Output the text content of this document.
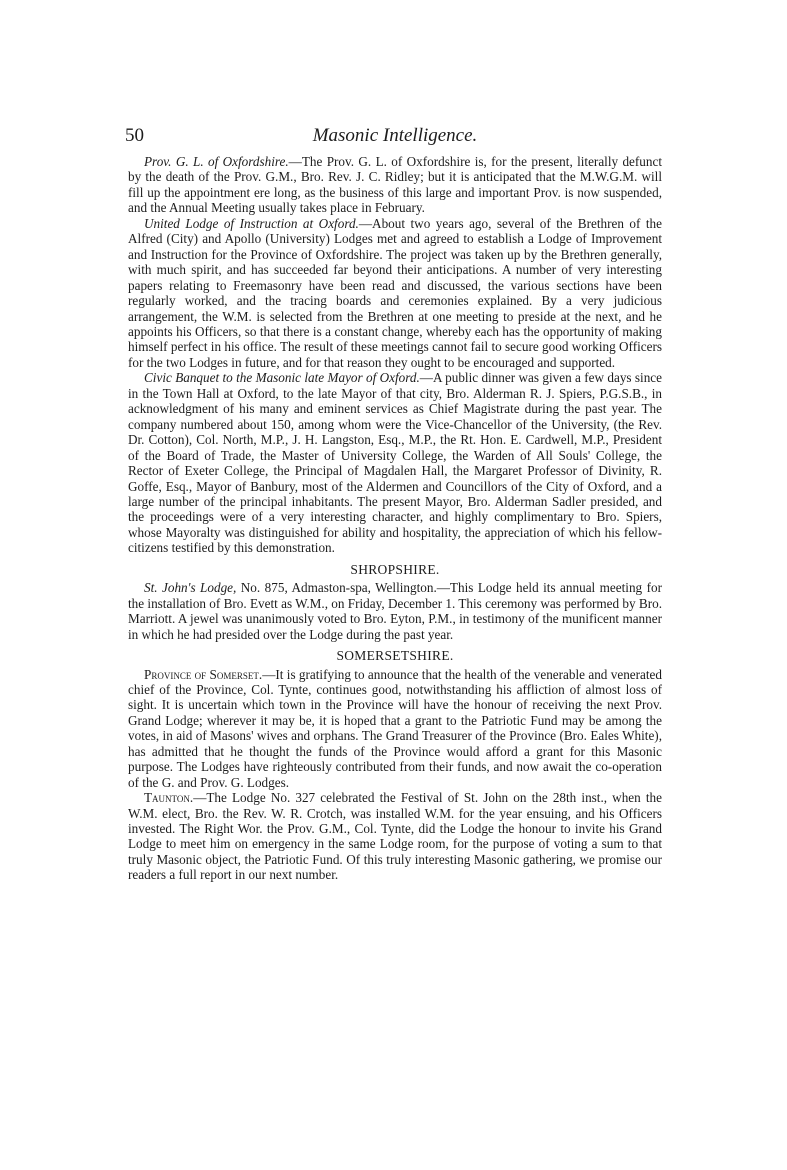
50	Masonic Intelligence.

Prov. G. L. of Oxfordshire.—The Prov. G. L. of Oxfordshire is, for the present, literally defunct by the death of the Prov. G.M., Bro. Rev. J. C. Ridley; but it is anticipated that the M.W.G.M. will fill up the appointment ere long, as the business of this large and important Prov. is now suspended, and the Annual Meeting usually takes place in February.

United Lodge of Instruction at Oxford.—About two years ago, several of the Brethren of the Alfred (City) and Apollo (University) Lodges met and agreed to establish a Lodge of Improvement and Instruction for the Province of Oxfordshire. The project was taken up by the Brethren generally, with much spirit, and has succeeded far beyond their anticipations. A number of very interesting papers relating to Freemasonry have been read and discussed, the various sections have been regularly worked, and the tracing boards and ceremonies explained. By a very judicious arrangement, the W.M. is selected from the Brethren at one meeting to preside at the next, and he appoints his Officers, so that there is a constant change, whereby each has the opportunity of making himself perfect in his office. The result of these meetings cannot fail to secure good working Officers for the two Lodges in future, and for that reason they ought to be encouraged and supported.

Civic Banquet to the Masonic late Mayor of Oxford.—A public dinner was given a few days since in the Town Hall at Oxford, to the late Mayor of that city, Bro. Alderman R. J. Spiers, P.G.S.B., in acknowledgment of his many and eminent services as Chief Magistrate during the past year. The company numbered about 150, among whom were the Vice-Chancellor of the University, (the Rev. Dr. Cotton), Col. North, M.P., J. H. Langston, Esq., M.P., the Rt. Hon. E. Cardwell, M.P., President of the Board of Trade, the Master of University College, the Warden of All Souls' College, the Rector of Exeter College, the Principal of Magdalen Hall, the Margaret Professor of Divinity, R. Goffe, Esq., Mayor of Banbury, most of the Aldermen and Councillors of the City of Oxford, and a large number of the principal inhabitants. The present Mayor, Bro. Alderman Sadler presided, and the proceedings were of a very interesting character, and highly complimentary to Bro. Spiers, whose Mayoralty was distinguished for ability and hospitality, the appreciation of which his fellow-citizens testified by this demonstration.

SHROPSHIRE.

St. John's Lodge, No. 875, Admaston-spa, Wellington.—This Lodge held its annual meeting for the installation of Bro. Evett as W.M., on Friday, December 1. This ceremony was performed by Bro. Marriott. A jewel was unanimously voted to Bro. Eyton, P.M., in testimony of the munificent manner in which he had presided over the Lodge during the past year.

SOMERSETSHIRE.

Province of Somerset.—It is gratifying to announce that the health of the venerable and venerated chief of the Province, Col. Tynte, continues good, notwithstanding his affliction of almost loss of sight. It is uncertain which town in the Province will have the honour of receiving the next Prov. Grand Lodge; wherever it may be, it is hoped that a grant to the Patriotic Fund may be among the votes, in aid of Masons' wives and orphans. The Grand Treasurer of the Province (Bro. Eales White), has admitted that he thought the funds of the Province would afford a grant for this Masonic purpose. The Lodges have righteously contributed from their funds, and now await the co-operation of the G. and Prov. G. Lodges.

Taunton.—The Lodge No. 327 celebrated the Festival of St. John on the 28th inst., when the W.M. elect, Bro. the Rev. W. R. Crotch, was installed W.M. for the year ensuing, and his Officers invested. The Right Wor. the Prov. G.M., Col. Tynte, did the Lodge the honour to invite his Grand Lodge to meet him on emergency in the same Lodge room, for the purpose of voting a sum to that truly Masonic object, the Patriotic Fund. Of this truly interesting Masonic gathering, we promise our readers a full report in our next number.
